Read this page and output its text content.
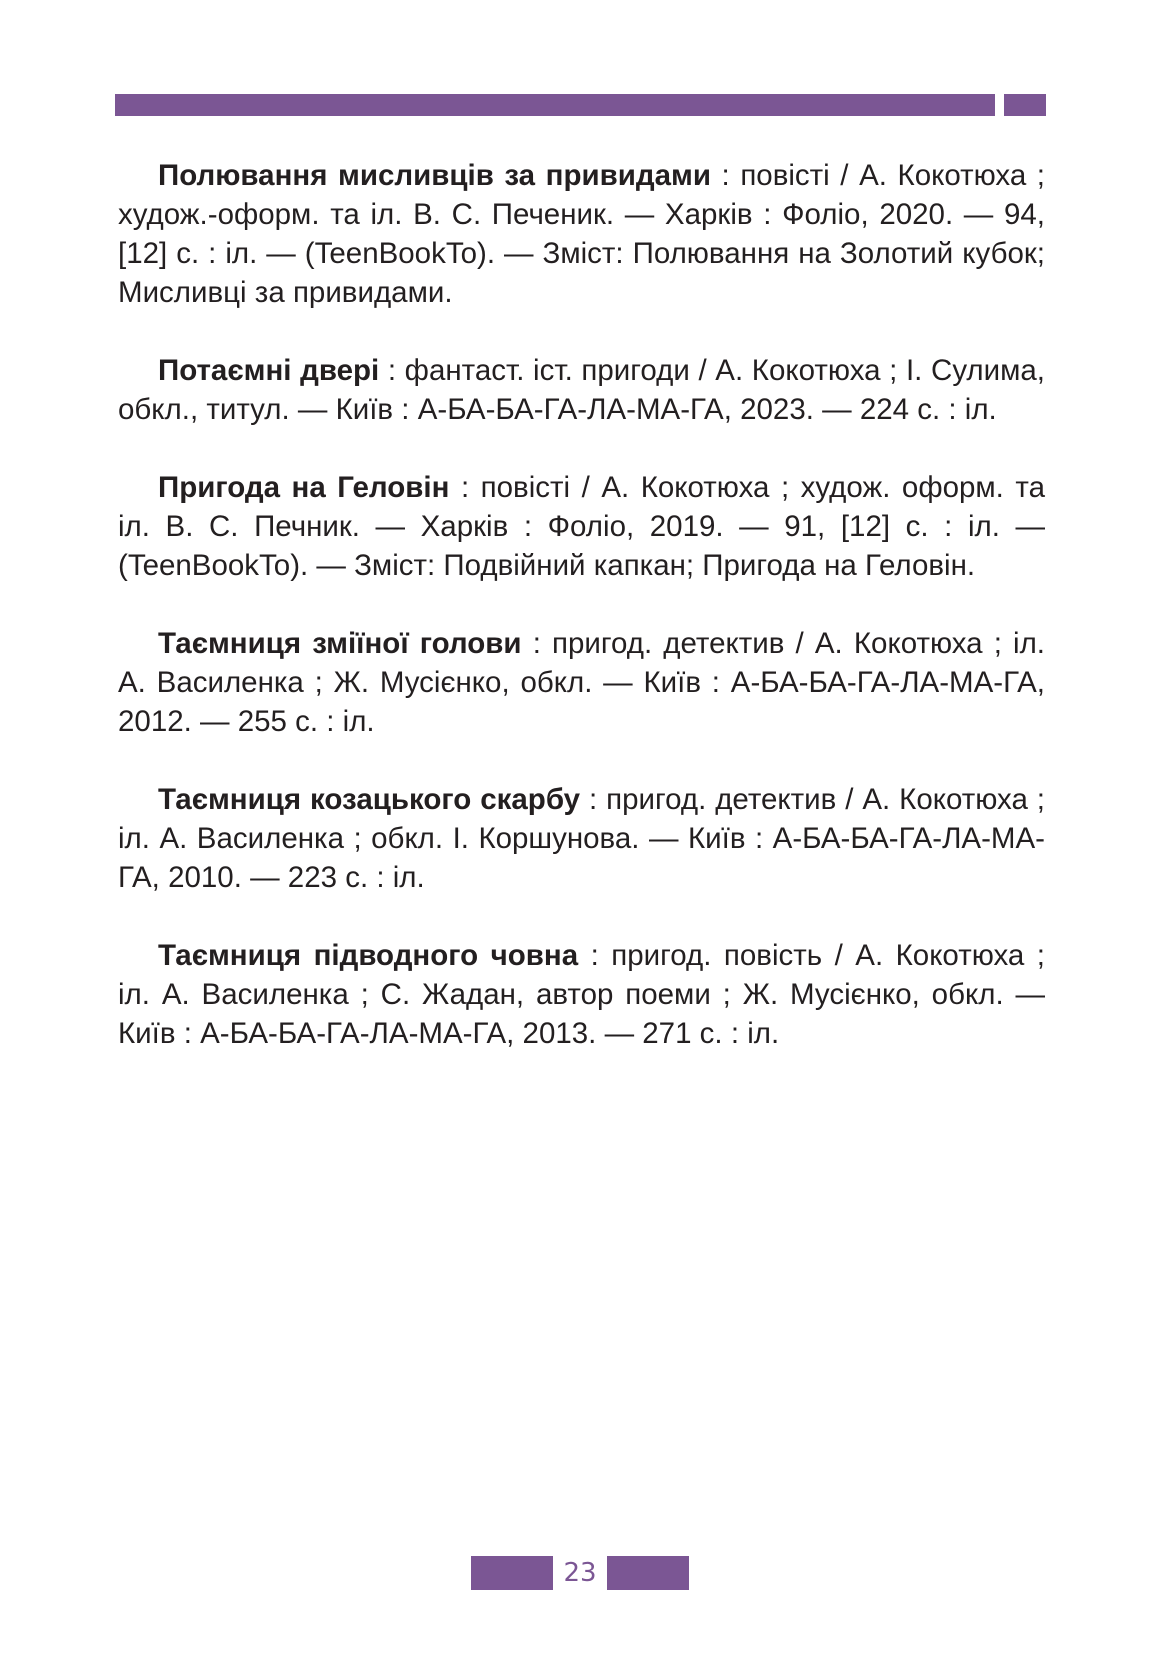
Полювання мисливців за привидами : повісті / А. Кокотюха ; худож.-оформ. та іл. В. С. Печеник. — Харків : Фоліо, 2020. — 94, [12] с. : іл. — (TeenBookTo). — Зміст: Полювання на Золотий кубок; Мисливці за привидами.

Потаємні двері : фантаст. іст. пригоди / А. Кокотюха ; І. Сулима, обкл., титул. — Київ : А-БА-БА-ГА-ЛА-МА-ГА, 2023. — 224 с. : іл.

Пригода на Геловін : повісті / А. Кокотюха ; худож. оформ. та іл. В. С. Печник. — Харків : Фоліо, 2019. — 91, [12] с. : іл. — (TeenBookTo). — Зміст: Подвійний капкан; Пригода на Геловін.

Таємниця зміїної голови : пригод. детектив / А. Кокотюха ; іл. А. Василенка ; Ж. Мусієнко, обкл. — Київ : А-БА-БА-ГА-ЛА-МА-ГА, 2012. — 255 с. : іл.

Таємниця козацького скарбу : пригод. детектив / А. Кокотюха ; іл. А. Василенка ; обкл. І. Коршунова. — Київ : А-БА-БА-ГА-ЛА-МА-ГА, 2010. — 223 с. : іл.

Таємниця підводного човна : пригод. повість / А. Кокотюха ; іл. А. Василенка ; С. Жадан, автор поеми ; Ж. Мусієнко, обкл. — Київ : А-БА-БА-ГА-ЛА-МА-ГА, 2013. — 271 с. : іл.

23
